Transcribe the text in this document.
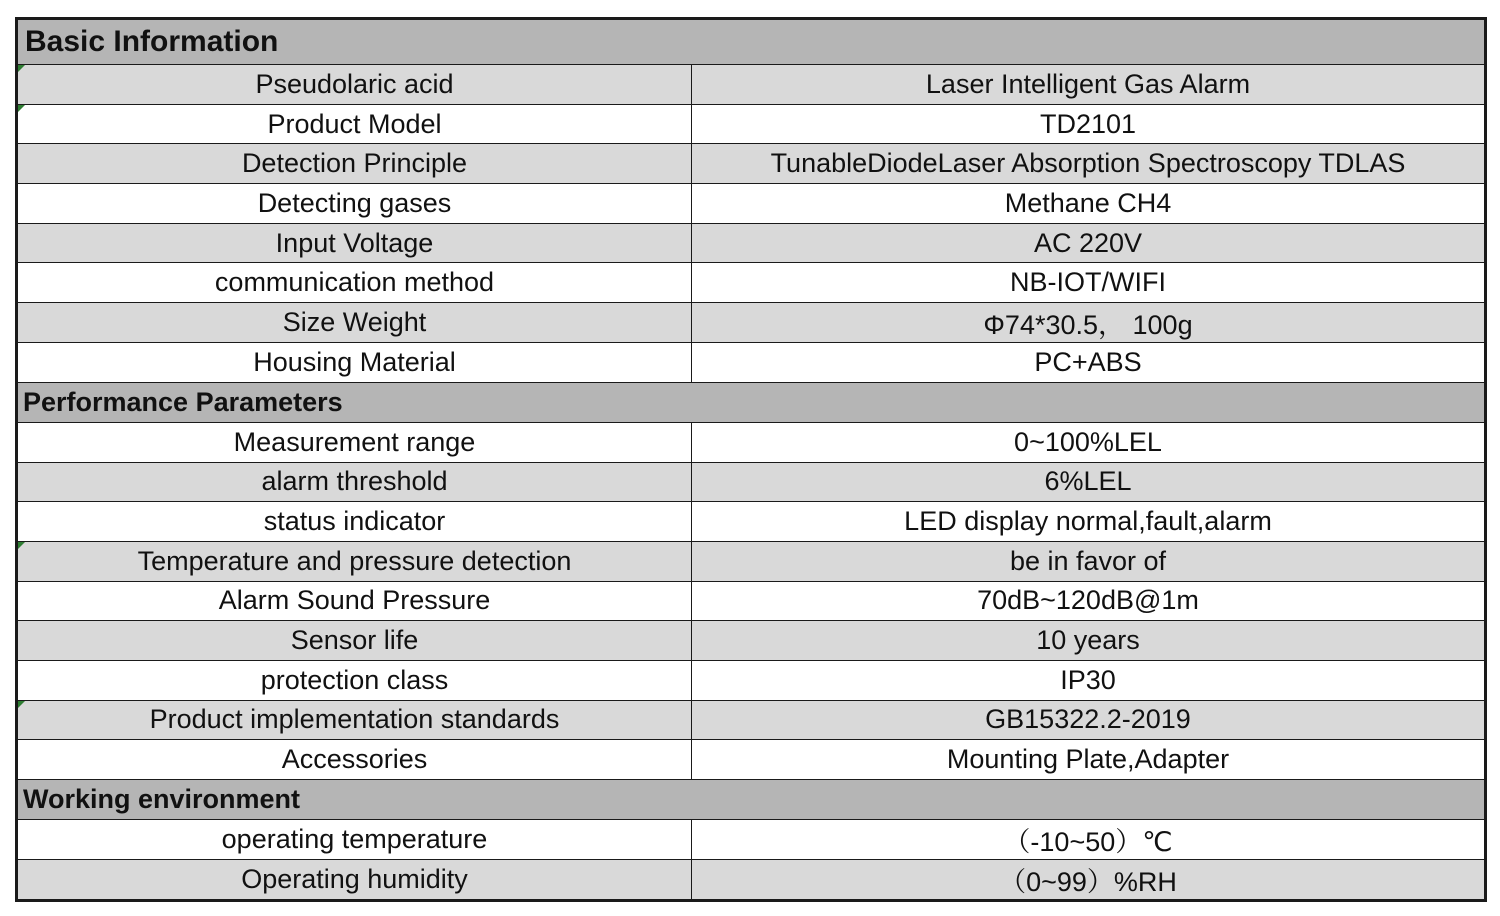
Basic Information	

Pseudolaric acid	Laser Intelligent Gas Alarm

Product Model	TD2101
Detection Principle	TunableDiodeLaser Absorption Spectroscopy TDLAS
Detecting gases	Methane CH4
Input Voltage	AC 220V
communication method	NB-IOT/WIFI
Size Weight	Φ74*30.5， 100g
Housing Material	PC+ABS
Performance Parameters	
Measurement range	0~100%LEL
alarm threshold	6%LEL
status indicator	LED display normal,fault,alarm

Temperature and pressure detection	be in favor of
Alarm Sound Pressure	70dB~120dB@1m
Sensor life	10 years
protection class	IP30

Product implementation standards	GB15322.2-2019
Accessories	Mounting Plate,Adapter
Working environment	
operating temperature	（-10~50）℃
Operating humidity	（0~99）%RH
